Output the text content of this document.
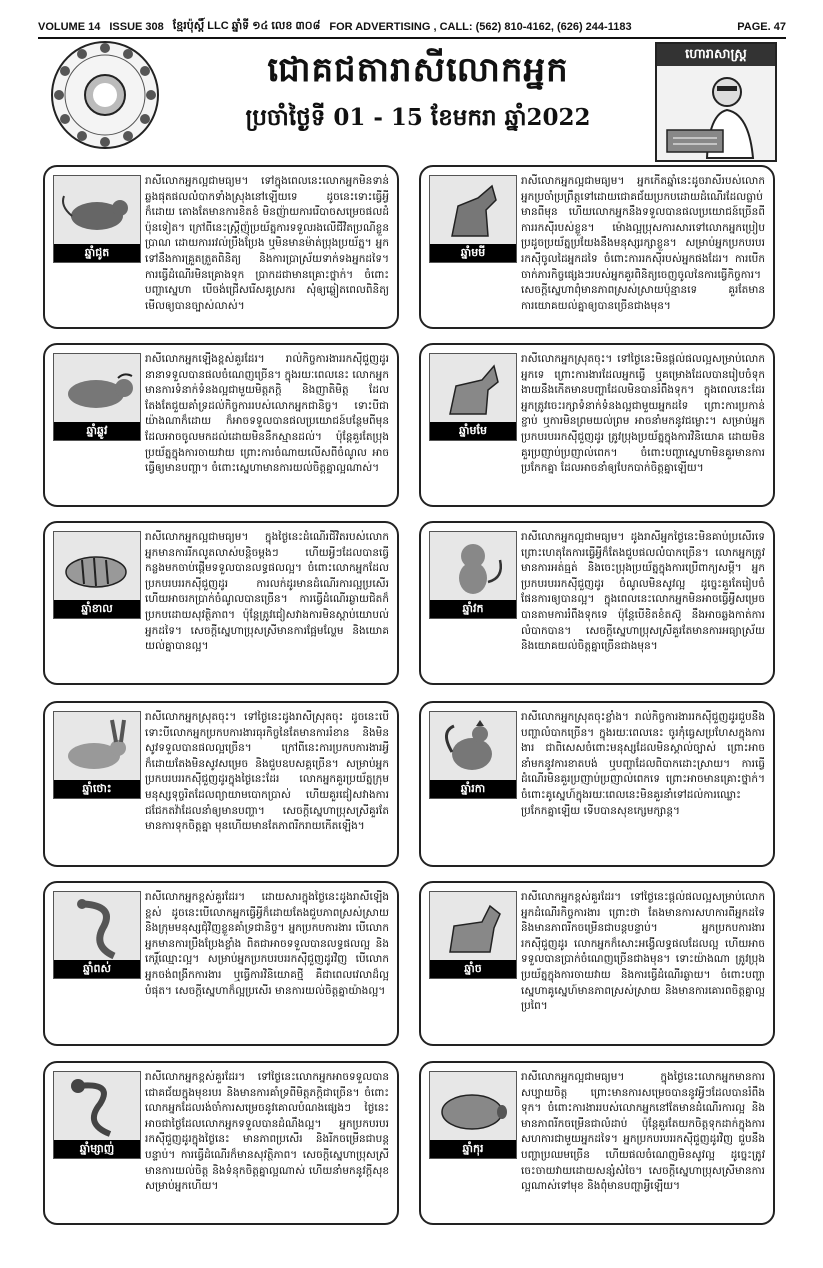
VOLUME 14 ISSUE 308 ខ្មែរប៉ុស្ដិ៍ LLC ឆ្នាំទី ១៤ លេខ ៣០៨ FOR ADVERTISING , CALL: (562) 810-4162, (626) 244-1183	PAGE. 47
ជោគជតារាសីលោកអ្នក
ប្រចាំថ្ងៃទី 01 - 15 ខែមករា ឆ្នាំ2022
ហោរាសាស្ត្រ
ឆ្នាំជូត
រាសីលោកអ្នកល្អជាមធ្យម។ ទៅក្នុងពេលនេះលោកអ្នកមិនទាន់ឆ្លងផុតផលលំបាកទាំងស្រុងនៅឡើយទេ ដូចនេះទោះធ្វើអ្វីក៏ដោយ តោងតែមានការខិតខំ មិនញ៉ាយការរើបាចសម្រេចផលដំប៉ុនទៀត។ ក្រៅពីនេះស្ត្រីញ៉ុប្រយ័ត្នការទទួលរងលើជីវិតប្រណីខ្លួនប្រាណ ដោយការរវល់ប្រឹងប្រែង ឬមិនមានម៉ាត់ប្រុងប្រយ័ត្ន។ អ្នកទៅនឹងការគ្រួតត្រួតពិនិត្យ និងការប្រាស្រ័យទាក់ទងអ្នកដទៃ។ ការធ្វើដំណើរមិនគ្រោងទុក ប្រាកដជាមានគ្រោះថ្នាក់។ ចំពោះបញ្ហាស្នេហា បើចង់ជ្រើសរើសគូស្រករ សុំឲ្យឆ្លៀតពេលពិនិត្យមើលឲ្យបានច្បាស់លាស់។
ឆ្នាំមមី
រាសីលោកអ្នកល្អជាមធ្យម។ អ្នកកើតឆ្នាំនេះដូចរាសីរបស់លោកអ្នកប្រចាំប្រព្រឹត្តទៅដោយជោគជ័យប្រកបដោយដំណើរដែលធ្លាប់មានពីមុន ហើយលោកអ្នកនឹងទទួលបានផលប្រយោជន៍ច្រើនពីការរកស៊ីរបស់ខ្លួន។ ម៉ោងល្អប្រុសការសារទៅលោកអ្នកប្រៀបប្រដូចប្រយ័ត្នប្រយែងនឹងមនុស្សរក្សាខ្លួន។ សម្រាប់អ្នកប្រកបរបររកស៊ីចូលដៃអ្នកដទៃ ចំពោះការរកស៊ីរបស់អ្នកផងដែរ។ ការបើកចាក់ភារកិច្ចផ្សេងៗរបស់អ្នកគួរពិនិត្យចេញចូលនៃការធ្វើកិច្ចការ។ សេចក្ដីស្នេហាពុំមានភាពស្រស់ស្រាយប៉ុន្មានទេ គួរតែមានការយោគយល់គ្នាឲ្យបានច្រើនជាងមុន។
ឆ្នាំឆ្លូវ
រាសីលោកអ្នកឡើងខ្ពស់គួរដែរ។ រាល់កិច្ចការងាររកស៊ីជួញដូរនានាទទួលបានផលចំណេញច្រើន។ ក្នុងរយៈពេលនេះ លោកអ្នកមានការទំនាក់ទំនងល្អជាមួយមិត្តភក្ដិ និងញាតិមិត្ត ដែលតែងតែជួយគាំទ្រដល់កិច្ចការរបស់លោកអ្នកជានិច្ច។ ទោះបីជាយ៉ាងណាក៏ដោយ ក៏អាចទទួលបានផលប្រយោជន៍បន្ថែមពីមុន ដែលអាចចូលមកដល់ដោយមិននឹកស្មានដល់។ ប៉ុន្តែគួរតែប្រុងប្រយ័ត្នក្នុងការចាយវាយ ព្រោះការចំណាយលើសពីចំណូល អាចធ្វើឲ្យមានបញ្ហា។ ចំពោះស្នេហាមានការយល់ចិត្តគ្នាល្អណាស់។
ឆ្នាំមមែ
រាសីលោកអ្នកស្រុតចុះ។ ទៅថ្ងៃនេះមិនផ្ដល់ផលល្អសម្រាប់លោកអ្នកទេ ព្រោះការងារដែលអ្នកធ្វើ ឬគម្រោងដែលបានរៀបចំទុក ងាយនឹងកើតមានបញ្ហាដែលមិនបានរំពឹងទុក។ ក្នុងពេលនេះដែរ អ្នកត្រូវចេះរក្សាទំនាក់ទំនងល្អជាមួយអ្នកដទៃ ព្រោះការប្រកាន់ខ្ជាប់ ឬការមិនព្រមយល់ព្រម អាចនាំមកនូវជម្លោះ។ សម្រាប់អ្នកប្រកបរបររកស៊ីជួញដូរ ត្រូវប្រុងប្រយ័ត្នក្នុងការវិនិយោគ ដោយមិនគួរប្រញាប់ប្រញាល់ពេក។ ចំពោះបញ្ហាស្នេហាមិនគួរមានការប្រកែកគ្នា ដែលអាចនាំឲ្យបែកបាក់ចិត្តគ្នាឡើយ។
ឆ្នាំខាល
រាសីលោកអ្នកល្អជាមធ្យម។ ក្នុងថ្ងៃនេះដំណើរជីវិតរបស់លោកអ្នកមានការរីកលូតលាស់បន្តិចម្ដងៗ ហើយអ្វីៗដែលបានធ្វើកន្លងមកចាប់ផ្ដើមទទួលបានលទ្ធផលល្អ។ ចំពោះលោកអ្នកដែលប្រកបរបររកស៊ីជួញដូរ ការលក់ដូរមានដំណើរការល្អប្រសើរ ហើយអាចរកប្រាក់ចំណូលបានច្រើន។ ការធ្វើដំណើរឆ្ងាយជិតក៏ប្រកបដោយសុវត្ថិភាព។ ប៉ុន្តែត្រូវជៀសវាងការមិនស្ដាប់យោបល់អ្នកដទៃ។ សេចក្ដីស្នេហាប្រុសស្រីមានការផ្អែមល្ហែម និងយោគយល់គ្នាបានល្អ។
ឆ្នាំវក
រាសីលោកអ្នកល្អជាមធ្យម។ ដូងរាសីអ្នកថ្ងៃនេះមិនគាប់ប្រសើរទេ ព្រោះហេតុតែការធ្វើអ្វីក៏តែងជួបផលលំបាកច្រើន។ លោកអ្នកត្រូវមានការអត់ធ្មត់ និងចេះប្រុងប្រយ័ត្នក្នុងការប្រើពាក្យសម្ដី។ អ្នកប្រកបរបររកស៊ីជួញដូរ ចំណូលមិនសូវល្អ ដូច្នេះគួរតែរៀបចំផែនការឲ្យបានល្អ។ ក្នុងពេលនេះលោកអ្នកមិនអាចធ្វើអ្វីសម្រេចបានតាមការរំពឹងទុកទេ ប៉ុន្តែបើខិតខំតស៊ូ នឹងអាចឆ្លងកាត់ការលំបាកបាន។ សេចក្ដីស្នេហាប្រុសស្រីគួរតែមានការអធ្យាស្រ័យ និងយោគយល់ចិត្តគ្នាច្រើនជាងមុន។
ឆ្នាំថោះ
រាសីលោកអ្នកស្រុតចុះ។ ទៅថ្ងៃនេះដូងរាសីស្រុតចុះ ដូចនេះបើទោះបីលោកអ្នកប្រកបការងារធុរកិច្ចនៃតែមានការរំខាន និងមិនសូវទទួលបានផលល្អច្រើន។ ក្រៅពីនេះការប្រកបការងារអ្វីក៏ដោយតែងមិនសូវសម្រេច និងជួបឧបសគ្គច្រើន។ សម្រាប់អ្នកប្រកបរបររកស៊ីជួញដូរក្នុងថ្ងៃនេះដែរ លោកអ្នកគួរប្រយ័ត្នក្រុមមនុស្សទុច្ចរិតដែលព្យាយាមបោកប្រាស់ ហើយគួរជៀសវាងការជជែកតវ៉ាដែលនាំឲ្យមានបញ្ហា។ សេចក្ដីស្នេហាប្រុសស្រីគួរតែមានការទុកចិត្តគ្នា មុនហើយមានតែភាពរីករាយកើតឡើង។
ឆ្នាំរកា
រាសីលោកអ្នកស្រុតចុះខ្លាំង។ រាល់កិច្ចការងាររកស៊ីជួញដូរជួបនឹងបញ្ហាលំបាកច្រើន។ ក្នុងរយៈពេលនេះ ចូរកុំធ្វេសប្រហែសក្នុងការ ងារ ជាពិសេសចំពោះមនុស្សដែលមិនស្គាល់ច្បាស់ ព្រោះអាចនាំមកនូវការខាតបង់ ឬបញ្ហាដែលពិបាកដោះស្រាយ។ ការធ្វើដំណើរមិនគួរប្រញាប់ប្រញាល់ពេកទេ ព្រោះអាចមានគ្រោះថ្នាក់។ ចំពោះគូស្នេហ៍ក្នុងរយៈពេលនេះមិនគួរនាំទៅដល់ការឈ្លោះប្រកែកគ្នាឡើយ ទើបបានសុខក្សេមក្សាន្ត។
ឆ្នាំពស់
រាសីលោកអ្នកខ្ពស់គួរដែរ។ ដោយសារក្នុងថ្ងៃនេះដូងរាសីឡើងខ្ពស់ ដូចនេះបើលោកអ្នកធ្វើអ្វីក៏ដោយតែងជួបភាពស្រស់ស្រាយ និងក្រុមមនុស្សជុំវិញខ្លួនគាំទ្រជានិច្ច។ អ្នកប្រកបការងារ បើលោកអ្នកមានការប្រឹងប្រែងខ្លាំង ពិតជាអាចទទួលបានលទ្ធផលល្អ និងកេរ្តិ៍ឈ្មោះល្អ។ សម្រាប់អ្នកប្រកបរបររកស៊ីជួញដូរវិញ បើលោកអ្នកចង់ពង្រីកការងារ ឬធ្វើការវិនិយោគថ្មី គឺជាពេលវេលាដ៏ល្អបំផុត។ សេចក្ដីស្នេហាក៏ល្អប្រសើរ មានការយល់ចិត្តគ្នាយ៉ាងល្អ។
ឆ្នាំច
រាសីលោកអ្នកខ្ពស់គួរដែរ។ ទៅថ្ងៃនេះផ្ដល់ផលល្អសម្រាប់លោកអ្នកដំណើរកិច្ចការងារ ព្រោះថា តែងមានការសហការពីអ្នកដទៃ និងមានភាពរីកចម្រើនជាបន្តបន្ទាប់។ អ្នកប្រកបការងារ រកស៊ីជួញដូរ លោកអ្នកក៏សោះអង្វើលទ្ធផលដែលល្អ ហើយអាចទទួលបានប្រាក់ចំណេញច្រើនជាងមុន។ ទោះយ៉ាងណា ត្រូវប្រុងប្រយ័ត្នក្នុងការចាយវាយ និងការធ្វើដំណើរឆ្ងាយ។ ចំពោះបញ្ហាស្នេហាគូស្នេហ៍មានភាពស្រស់ស្រាយ និងមានការគោរពចិត្តគ្នាល្អប្រពៃ។
ឆ្នាំម្សាញ់
រាសីលោកអ្នកខ្ពស់គួរដែរ។ ទៅថ្ងៃនេះលោកអ្នកអាចទទួលបានជោគជ័យក្នុងមុខរបរ និងមានការគាំទ្រពីមិត្តភក្ដិជាច្រើន។ ចំពោះលោកអ្នកដែលរង់ចាំការសម្រេចនូវគោលបំណងផ្សេងៗ ថ្ងៃនេះអាចជាថ្ងៃដែលលោកអ្នកទទួលបានដំណឹងល្អ។ អ្នកប្រកបរបររកស៊ីជួញដូរក្នុងថ្ងៃនេះ មានភាពប្រសើរ និងរីកចម្រើនជាបន្តបន្ទាប់។ ការធ្វើដំណើរក៏មានសុវត្ថិភាព។ សេចក្ដីស្នេហាប្រុសស្រីមានការយល់ចិត្ត និងទំនុកចិត្តគ្នាល្អណាស់ ហើយនាំមកនូវក្ដីសុខសម្រាប់អ្នកហើយ។
ឆ្នាំកុរ
រាសីលោកអ្នកល្អជាមធ្យម។ ក្នុងថ្ងៃនេះលោកអ្នកមានការសប្បាយចិត្ត ព្រោះមានការសម្រេចបាននូវអ្វីៗដែលបានរំពឹងទុក។ ចំពោះការងាររបស់លោកអ្នកនៅតែមានដំណើរការល្អ និងមានភាពរីកចម្រើនជាលំដាប់ ប៉ុន្តែគួរតែយកចិត្តទុកដាក់ក្នុងការសហការជាមួយអ្នកដទៃ។ អ្នកប្រកបរបររកស៊ីជួញដូរវិញ ជួបនឹងបញ្ហាប្រឈមច្រើន ហើយផលចំណេញមិនសូវល្អ ដូច្នេះត្រូវចេះចាយវាយដោយសន្សំសំចៃ។ សេចក្ដីស្នេហាប្រុសស្រីមានការល្អណាស់ទៅមុខ និងពុំមានបញ្ហាអ្វីឡើយ។
